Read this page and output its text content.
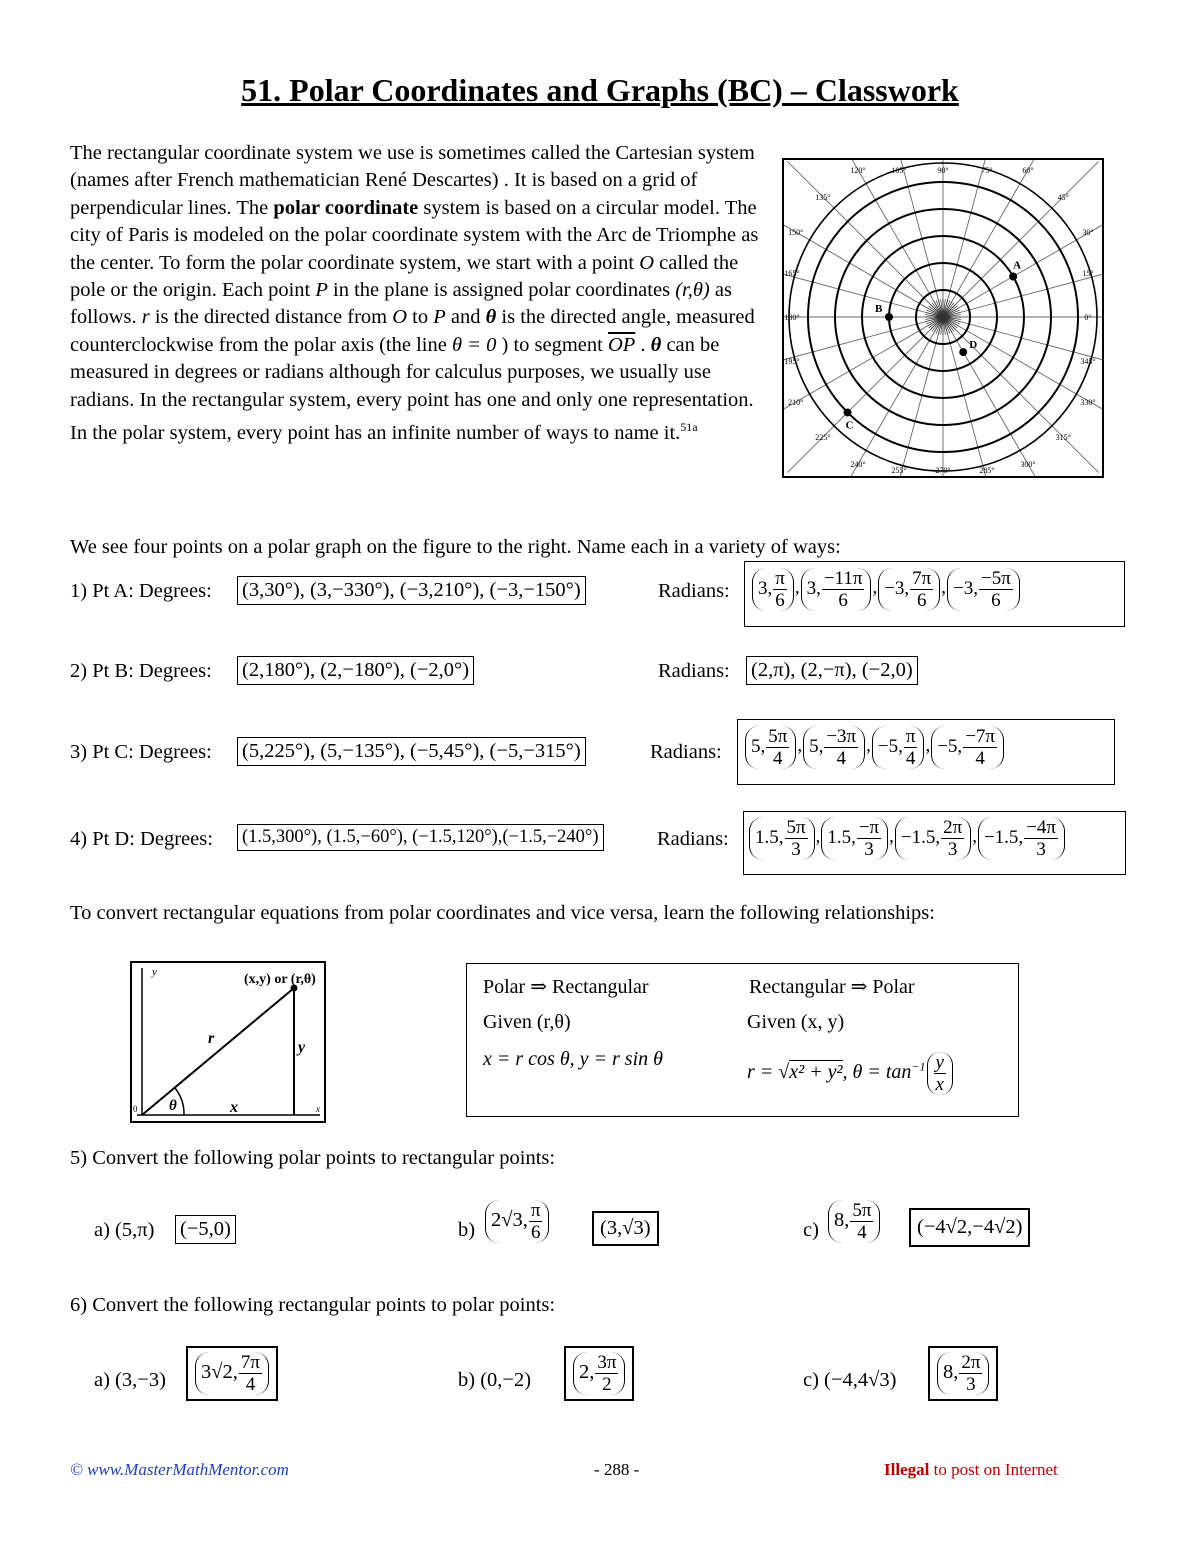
51. Polar Coordinates and Graphs (BC) – Classwork
The rectangular coordinate system we use is sometimes called the Cartesian system (names after French mathematician René Descartes) . It is based on a grid of perpendicular lines. The polar coordinate system is based on a circular model. The city of Paris is modeled on the polar coordinate system with the Arc de Triomphe as the center. To form the polar coordinate system, we start with a point O called the pole or the origin. Each point P in the plane is assigned polar coordinates (r,θ) as follows. r is the directed distance from O to P and θ is the directed angle, measured counterclockwise from the polar axis (the line θ = 0 ) to segment $\overline{OP}$ . θ can be measured in degrees or radians although for calculus purposes, we usually use radians. In the rectangular system, every point has one and only one representation. In the polar system, every point has an infinite number of ways to name it.$^{51a}$
0°
15°
30°
45°
60°
75°
90°
105°
120°
135°
150°
165°
180°
195°
210°
225°
240°
255°	270°	285°
300°
315°
330°
345°
A
B
C
D
We see four points on a polar graph on the figure to the right. Name each in a variety of ways:
1) Pt A: Degrees: (3,30°), (3,−330°), (−3,210°), (−3,−150°)	Radians:	3, $\frac{\pi}{6}$ , 3, $\frac{-11\pi}{6}$ , −3, $\frac{7\pi}{6}$ , −3, $\frac{-5\pi}{6}$
2) Pt B: Degrees: (2,180°), (2,−180°), (−2,0°)	Radians: (2,π), (2,−π), (−2,0)
3) Pt C: Degrees: (5,225°), (5,−135°), (−5,45°), (−5,−315°)	Radians:	5, $\frac{5\pi}{4}$ , 5, $\frac{-3\pi}{4}$ , −5, $\frac{\pi}{4}$ , −5, $\frac{-7\pi}{4}$
4) Pt D: Degrees: (1.5,300°), (1.5,−60°), (−1.5,120°),(−1.5,−240°)	Radians:	1.5, $\frac{5\pi}{3}$ , 1.5, $\frac{-\pi}{3}$ , −1.5, $\frac{2\pi}{3}$ , −1.5, $\frac{-4\pi}{3}$
To convert rectangular equations from polar coordinates and vice versa, learn the following relationships:
y
x
0
(x,y) or (r,θ)
r
y
x
θ
Polar ⇒ Rectangular
Given (r,θ)
x = r cos θ, y = r sin θ
Rectangular ⇒ Polar
Given (x, y)
r = √x² + y², $\theta = \tan^{-1} \frac{y}{x}$
5) Convert the following polar points to rectangular points:
a) (5,π) (−5,0)	b) 2√3, $\frac{\pi}{6}$	(3,√3)	c) 8, $\frac{5\pi}{4}$	(−4√2,−4√2)
6) Convert the following rectangular points to polar points:
a) (3,−3)	3√2, $\frac{7\pi}{4}$	b) (0,−2)	2, $\frac{3\pi}{2}$	c) (−4,4√3)	8, $\frac{2\pi}{3}$
© www.MasterMathMentor.com	- 288 -	Illegal to post on Internet
